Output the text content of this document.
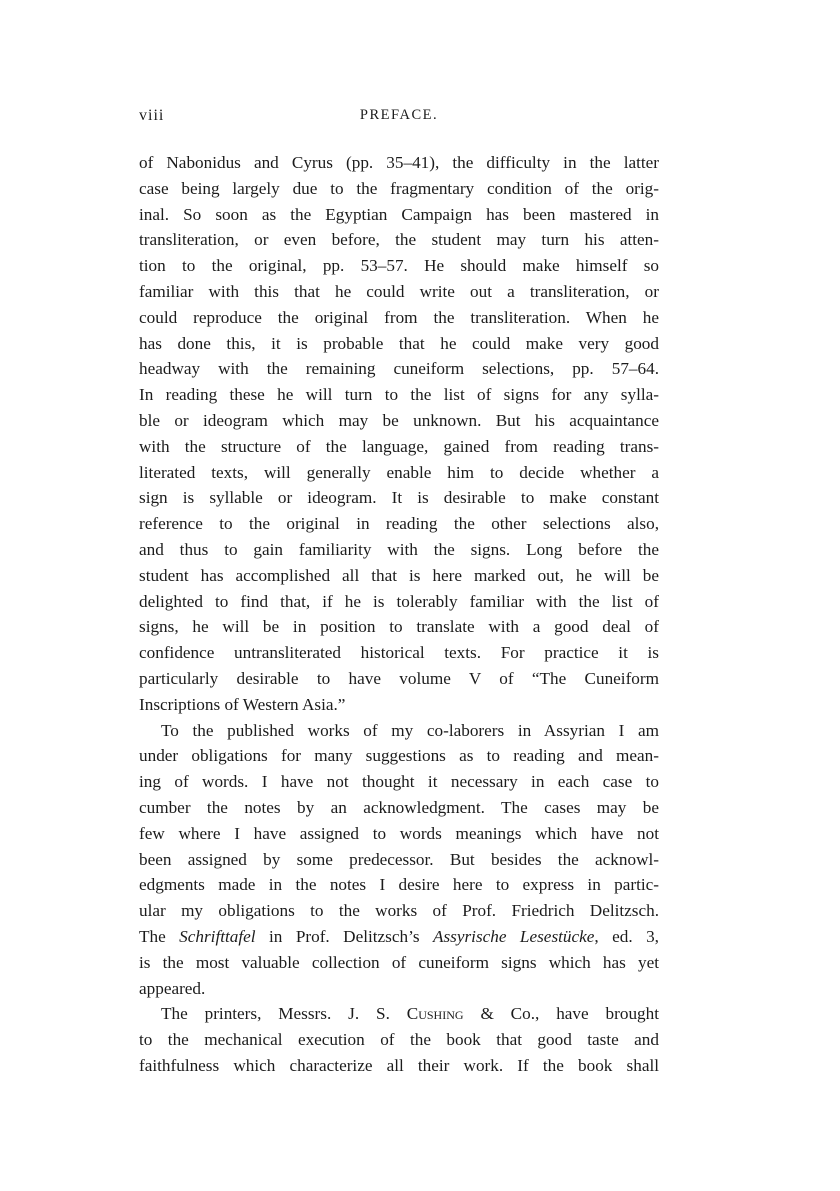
viii	PREFACE.
of Nabonidus and Cyrus (pp. 35–41), the difficulty in the latter
case being largely due to the fragmentary condition of the orig-
inal. So soon as the Egyptian Campaign has been mastered in
transliteration, or even before, the student may turn his atten-
tion to the original, pp. 53–57. He should make himself so
familiar with this that he could write out a transliteration, or
could reproduce the original from the transliteration. When he
has done this, it is probable that he could make very good
headway with the remaining cuneiform selections, pp. 57–64.
In reading these he will turn to the list of signs for any sylla-
ble or ideogram which may be unknown. But his acquaintance
with the structure of the language, gained from reading trans-
literated texts, will generally enable him to decide whether a
sign is syllable or ideogram. It is desirable to make constant
reference to the original in reading the other selections also,
and thus to gain familiarity with the signs. Long before the
student has accomplished all that is here marked out, he will be
delighted to find that, if he is tolerably familiar with the list of
signs, he will be in position to translate with a good deal of
confidence untransliterated historical texts. For practice it is
particularly desirable to have volume V of “The Cuneiform
Inscriptions of Western Asia.”
To the published works of my co-laborers in Assyrian I am
under obligations for many suggestions as to reading and mean-
ing of words. I have not thought it necessary in each case to
cumber the notes by an acknowledgment. The cases may be
few where I have assigned to words meanings which have not
been assigned by some predecessor. But besides the acknowl-
edgments made in the notes I desire here to express in partic-
ular my obligations to the works of Prof. Friedrich Delitzsch.
The Schrifttafel in Prof. Delitzsch’s Assyrische Lesestücke, ed. 3,
is the most valuable collection of cuneiform signs which has yet
appeared.
The printers, Messrs. J. S. Cushing & Co., have brought
to the mechanical execution of the book that good taste and
faithfulness which characterize all their work. If the book shall
